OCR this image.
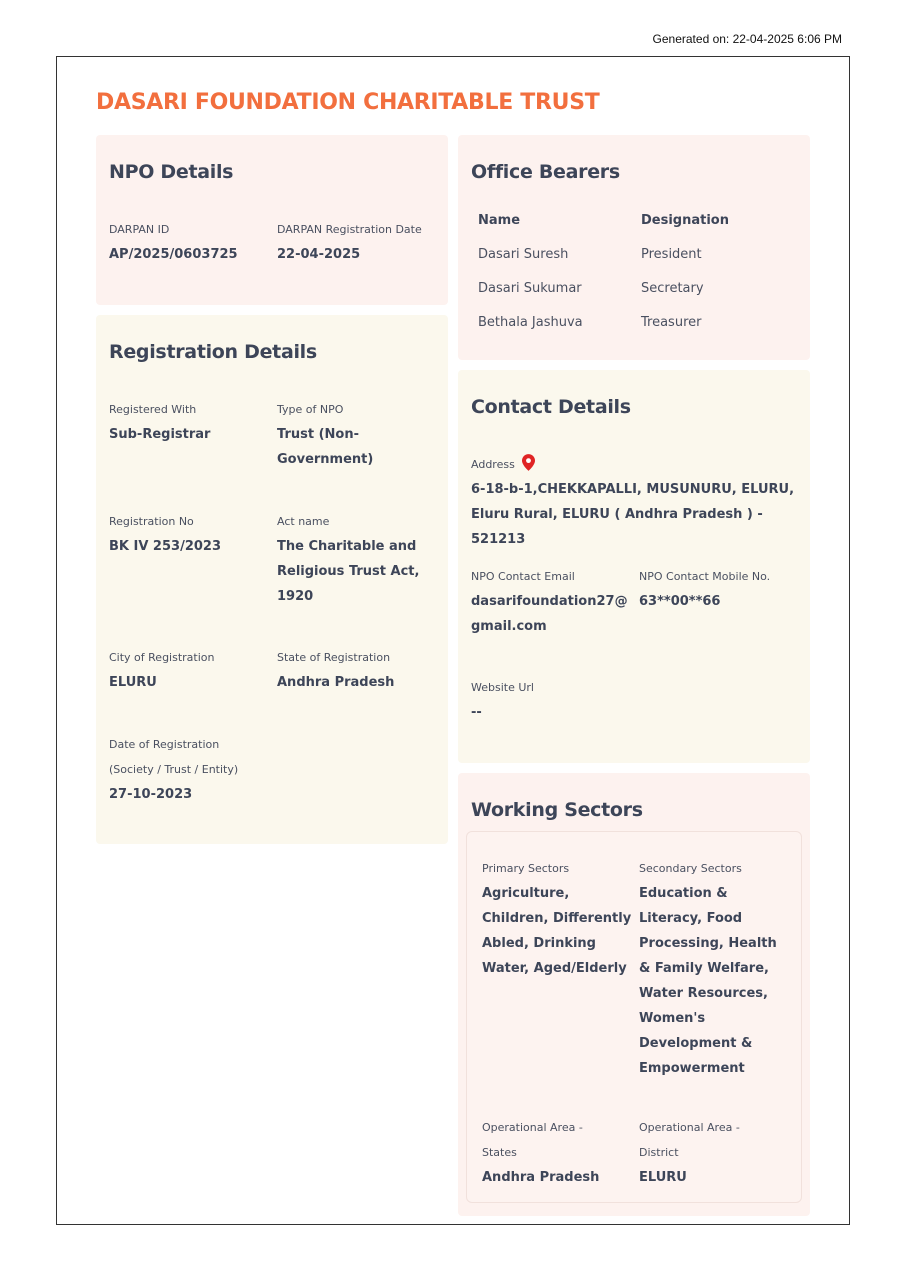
Generated on: 22-04-2025 6:06 PM
DASARI FOUNDATION CHARITABLE TRUST
NPO Details
DARPAN ID
AP/2025/0603725
DARPAN Registration Date
22-04-2025
Registration Details
Registered With
Sub-Registrar
Type of NPO
Trust (Non-
Government)
Registration No
BK IV 253/2023
Act name
The Charitable and
Religious Trust Act,
1920
City of Registration
ELURU
State of Registration
Andhra Pradesh
Date of Registration
(Society / Trust / Entity)
27-10-2023
Office Bearers
Name	Designation
Dasari Suresh	President
Dasari Sukumar	Secretary
Bethala Jashuva	Treasurer
Contact Details
Address
6-18-b-1,CHEKKAPALLI, MUSUNURU, ELURU,
Eluru Rural, ELURU ( Andhra Pradesh ) - 521213
NPO Contact Email
dasarifoundation27@
gmail.com
NPO Contact Mobile No.
63**00**66
Website Url
--
Working Sectors
Primary Sectors
Agriculture,
Children, Differently
Abled, Drinking
Water, Aged/Elderly
Secondary Sectors
Education &
Literacy, Food
Processing, Health
& Family Welfare,
Water Resources,
Women's
Development &
Empowerment
Operational Area -
States
Andhra Pradesh
Operational Area -
District
ELURU
